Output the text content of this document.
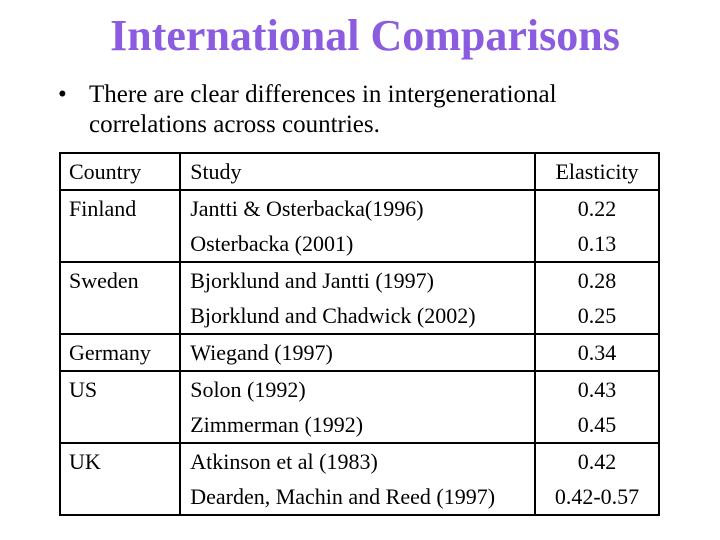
International Comparisons
• There are clear differences in intergenerational
correlations across countries.
Country	Study	Elasticity
Finland	Jantti & Osterbacka(1996)	0.22
	Osterbacka (2001)	0.13
Sweden	Bjorklund and Jantti (1997)	0.28
	Bjorklund and Chadwick (2002)	0.25
Germany	Wiegand (1997)	0.34
US	Solon (1992)	0.43
	Zimmerman (1992)	0.45
UK	Atkinson et al (1983)	0.42
	Dearden, Machin and Reed (1997)	0.42-0.57
